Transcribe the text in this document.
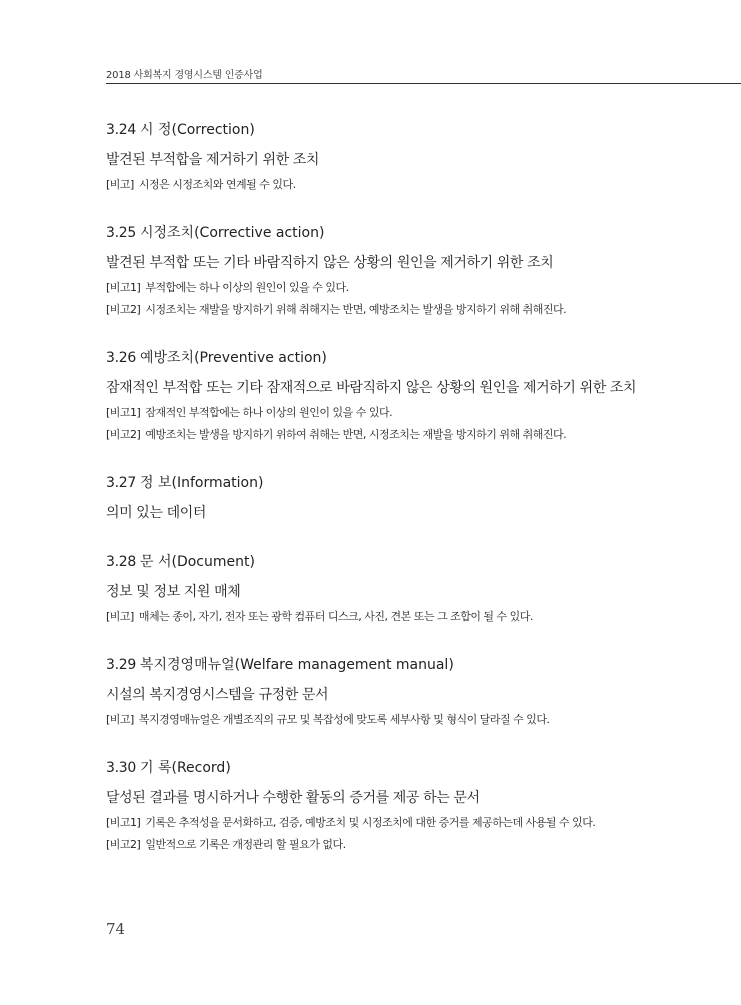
2018 사회복지 경영시스템 인증사업
3.24 시 정(Correction)
발견된 부적합을 제거하기 위한 조치
[비고] 시정은 시정조치와 연계될 수 있다.
3.25 시정조치(Corrective action)
발견된 부적합 또는 기타 바람직하지 않은 상황의 원인을 제거하기 위한 조치
[비고1] 부적합에는 하나 이상의 원인이 있을 수 있다.
[비고2] 시정조치는 재발을 방지하기 위해 취해지는 반면, 예방조치는 발생을 방지하기 위해 취해진다.
3.26 예방조치(Preventive action)
잠재적인 부적합 또는 기타 잠재적으로 바람직하지 않은 상황의 원인을 제거하기 위한 조치
[비고1] 잠재적인 부적합에는 하나 이상의 원인이 있을 수 있다.
[비고2] 예방조치는 발생을 방지하기 위하여 취해는 반면, 시정조치는 재발을 방지하기 위해 취해진다.
3.27 정 보(Information)
의미 있는 데이터
3.28 문 서(Document)
정보 및 정보 지원 매체
[비고] 매체는 종이, 자기, 전자 또는 광학 컴퓨터 디스크, 사진, 견본 또는 그 조합이 될 수 있다.
3.29 복지경영매뉴얼(Welfare management manual)
시설의 복지경영시스템을 규정한 문서
[비고] 복지경영매뉴얼은 개별조직의 규모 및 복잡성에 맞도록 세부사항 및 형식이 달라질 수 있다.
3.30 기 록(Record)
달성된 결과를 명시하거나 수행한 활동의 증거를 제공 하는 문서
[비고1] 기록은 추적성을 문서화하고, 검증, 예방조치 및 시정조치에 대한 증거를 제공하는데 사용될 수 있다.
[비고2] 일반적으로 기록은 개정관리 할 필요가 없다.
74
